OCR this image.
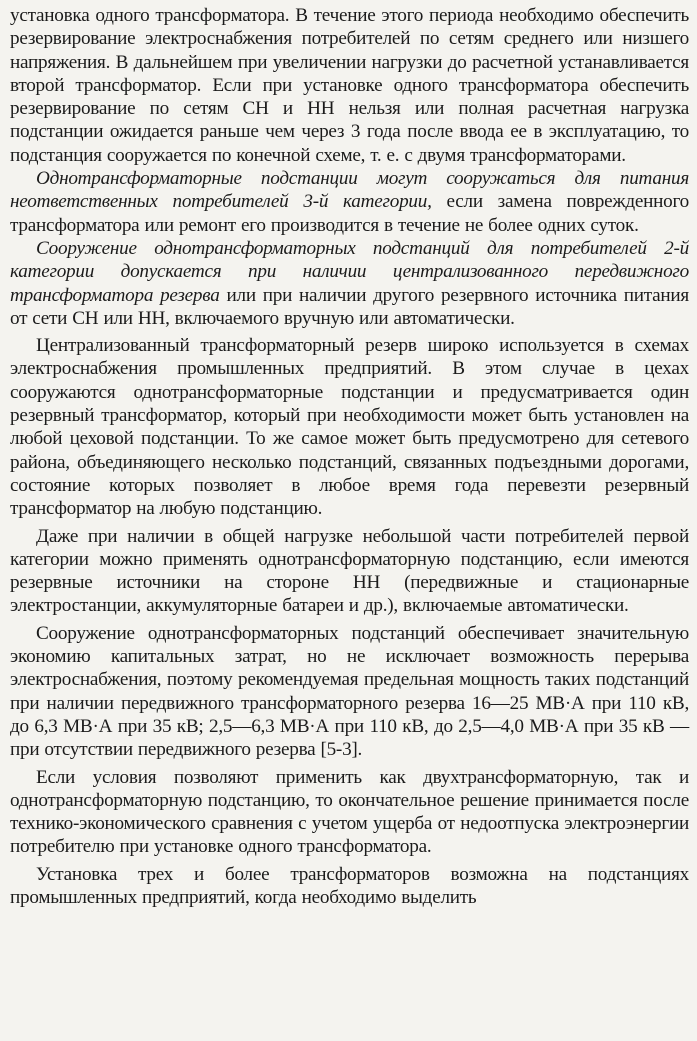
установка одного трансформатора. В течение этого периода необходимо обеспечить резервирование электроснабжения потребителей по сетям среднего или низшего напряжения. В дальнейшем при увеличении нагрузки до расчетной устанавливается второй трансформатор. Если при установке одного трансформатора обеспечить резервирование по сетям СН и НН нельзя или полная расчетная нагрузка подстанции ожидается раньше чем через 3 года после ввода ее в эксплуатацию, то подстанция сооружается по конечной схеме, т. е. с двумя трансформаторами.

Однотрансформаторные подстанции могут сооружаться для питания неответственных потребителей 3-й категории, если замена поврежденного трансформатора или ремонт его производится в течение не более одних суток.

Сооружение однотрансформаторных подстанций для потребителей 2-й категории допускается при наличии централизованного передвижного трансформатора резерва или при наличии другого резервного источника питания от сети СН или НН, включаемого вручную или автоматически.

Централизованный трансформаторный резерв широко используется в схемах электроснабжения промышленных предприятий. В этом случае в цехах сооружаются однотрансформаторные подстанции и предусматривается один резервный трансформатор, который при необходимости может быть установлен на любой цеховой подстанции. То же самое может быть предусмотрено для сетевого района, объединяющего несколько подстанций, связанных подъездными дорогами, состояние которых позволяет в любое время года перевезти резервный трансформатор на любую подстанцию.

Даже при наличии в общей нагрузке небольшой части потребителей первой категории можно применять однотрансформаторную подстанцию, если имеются резервные источники на стороне НН (передвижные и стационарные электростанции, аккумуляторные батареи и др.), включаемые автоматически.

Сооружение однотрансформаторных подстанций обеспечивает значительную экономию капитальных затрат, но не исключает возможность перерыва электроснабжения, поэтому рекомендуемая предельная мощность таких подстанций при наличии передвижного трансформаторного резерва 16—25 МВ·А при 110 кВ, до 6,3 МВ·А при 35 кВ; 2,5—6,3 МВ·А при 110 кВ, до 2,5—4,0 МВ·А при 35 кВ — при отсутствии передвижного резерва [5-3].

Если условия позволяют применить как двухтрансформаторную, так и однотрансформаторную подстанцию, то окончательное решение принимается после технико-экономического сравнения с учетом ущерба от недоотпуска электроэнергии потребителю при установке одного трансформатора.

Установка трех и более трансформаторов возможна на подстанциях промышленных предприятий, когда необходимо выделить
